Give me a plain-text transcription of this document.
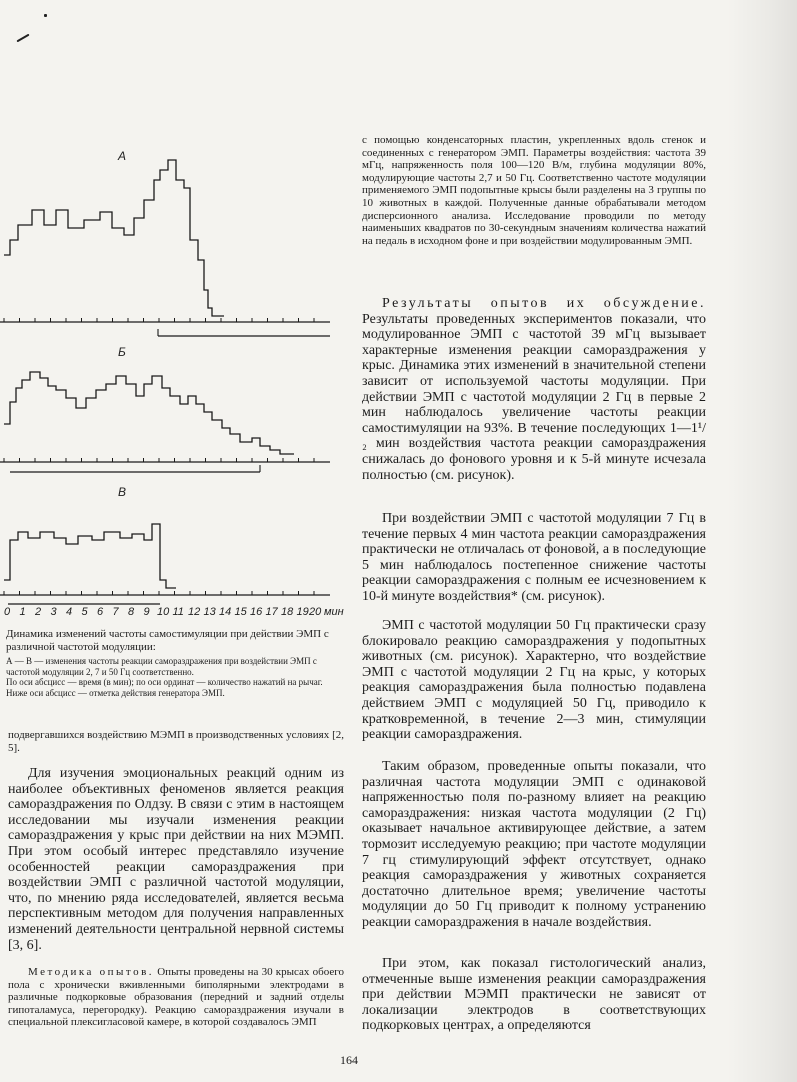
А
Б
В
0 1 2 3 4 5 6 7 8 9 10 11 12 13 14 15 16 17 18 19 20 мин
Динамика изменений частоты самостимуляции при действии ЭМП с различной частотой модуляции:
А — В — изменения частоты реакции самораздражения при воздействии ЭМП с частотой модуляции 2, 7 и 50 Гц соответственно.
По оси абсцисс — время (в мин); по оси ординат — количество нажатий на рычаг. Ниже оси абсцисс — отметка действия генератора ЭМП.
подвергавшихся воздействию МЭМП в производственных условиях [2, 5].
Для изучения эмоциональных реакций одним из наиболее объективных феноменов является реакция самораздражения по Олдзу. В связи с этим в настоящем исследовании мы изучали изменения реакции самораздражения у крыс при действии на них МЭМП. При этом особый интерес представляло изучение особенностей реакции самораздражения при воздействии ЭМП с различной частотой модуляции, что, по мнению ряда исследователей, является весьма перспективным методом для получения направленных изменений деятельности центральной нервной системы [3, 6].
Методика опытов. Опыты проведены на 30 крысах обоего пола с хронически вживленными биполярными электродами в различные подкорковые образования (передний и задний отделы гипоталамуса, перегородку). Реакцию самораздражения изучали в специальной плексигласовой камере, в которой создавалось ЭМП
с помощью конденсаторных пластин, укрепленных вдоль стенок и соединенных с генератором ЭМП. Параметры воздействия: частота 39 мГц, напряженность поля 100—120 В/м, глубина модуляции 80%, модулирующие частоты 2,7 и 50 Гц. Соответственно частоте модуляции применяемого ЭМП подопытные крысы были разделены на 3 группы по 10 животных в каждой. Полученные данные обрабатывали методом дисперсионного анализа. Исследование проводили по методу наименьших квадратов по 30-секундным значениям количества нажатий на педаль в исходном фоне и при воздействии модулированным ЭМП.
Результаты опытов их обсуждение. Результаты проведенных экспериментов показали, что модулированное ЭМП с частотой 39 мГц вызывает характерные изменения реакции самораздражения у крыс. Динамика этих изменений в значительной степени зависит от используемой частоты модуляции. При действии ЭМП с частотой модуляции 2 Гц в первые 2 мин наблюдалось увеличение частоты реакции самостимуляции на 93%. В течение последующих 1—1¹/₂ мин воздействия частота реакции самораздражения снижалась до фонового уровня и к 5-й минуте исчезала полностью (см. рисунок).
При воздействии ЭМП с частотой модуляции 7 Гц в течение первых 4 мин частота реакции самораздражения практически не отличалась от фоновой, а в последующие 5 мин наблюдалось постепенное снижение частоты реакции самораздражения с полным ее исчезновением к 10-й минуте воздействия* (см. рисунок).
ЭМП с частотой модуляции 50 Гц практически сразу блокировало реакцию самораздражения у подопытных животных (см. рисунок). Характерно, что воздействие ЭМП с частотой модуляции 2 Гц на крыс, у которых реакция самораздражения была полностью подавлена действием ЭМП с модуляцией 50 Гц, приводило к кратковременной, в течение 2—3 мин, стимуляции реакции самораздражения.
Таким образом, проведенные опыты показали, что различная частота модуляции ЭМП с одинаковой напряженностью поля по-разному влияет на реакцию самораздражения: низкая частота модуляции (2 Гц) оказывает начальное активирующее действие, а затем тормозит исследуемую реакцию; при частоте модуляции 7 гц стимулирующий эффект отсутствует, однако реакция самораздражения у животных сохраняется достаточно длительное время; увеличение частоты модуляции до 50 Гц приводит к полному устранению реакции самораздражения в начале воздействия.
При этом, как показал гистологический анализ, отмеченные выше изменения реакции самораздражения при действии МЭМП практически не зависят от локализации электродов в соответствующих подкорковых центрах, а определяются
164
